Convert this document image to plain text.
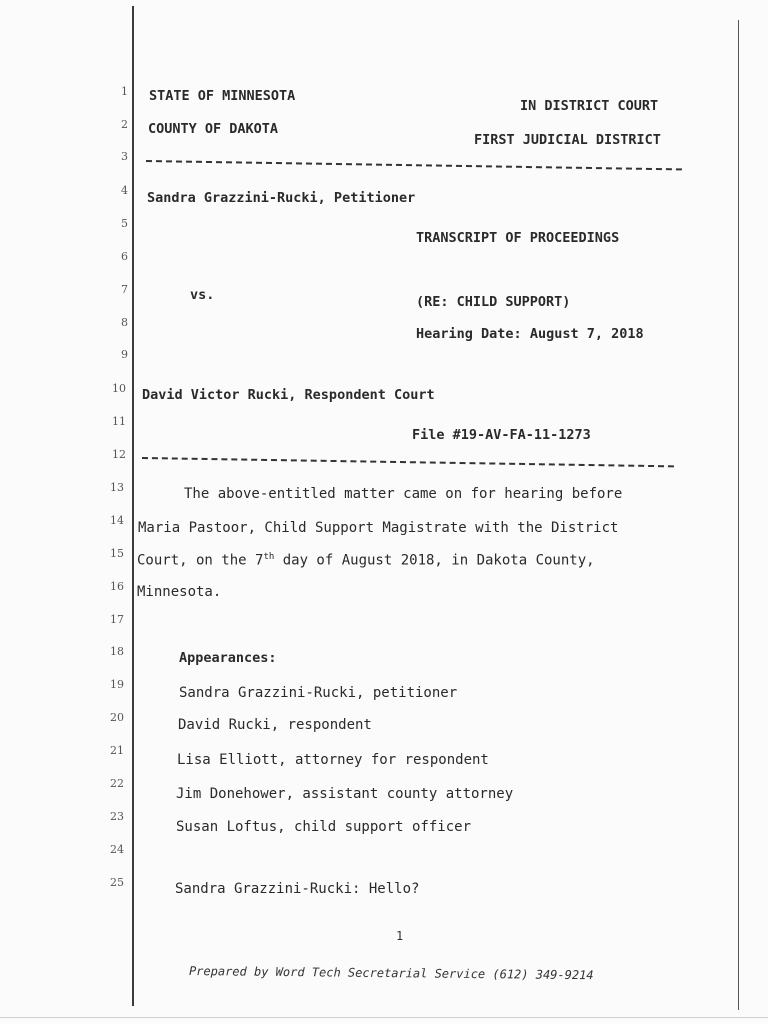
1
2
3
4
5
6
7
8
9
10
11
12
13
14
15
16
17
18
19
20
21
22
23
24
25
STATE OF MINNESOTA
IN DISTRICT COURT
COUNTY OF DAKOTA
FIRST JUDICIAL DISTRICT
Sandra Grazzini-Rucki, Petitioner
TRANSCRIPT OF PROCEEDINGS
vs.	(RE: CHILD SUPPORT)
Hearing Date: August 7, 2018
David Victor Rucki, Respondent Court
File #19-AV-FA-11-1273
The above-entitled matter came on for hearing before
Maria Pastoor, Child Support Magistrate with the District
Court, on the 7th day of August 2018, in Dakota County,
Minnesota.
Appearances:
Sandra Grazzini-Rucki, petitioner
David Rucki, respondent
Lisa Elliott, attorney for respondent
Jim Donehower, assistant county attorney
Susan Loftus, child support officer
Sandra Grazzini-Rucki: Hello?
1
Prepared by Word Tech Secretarial Service (612) 349-9214
